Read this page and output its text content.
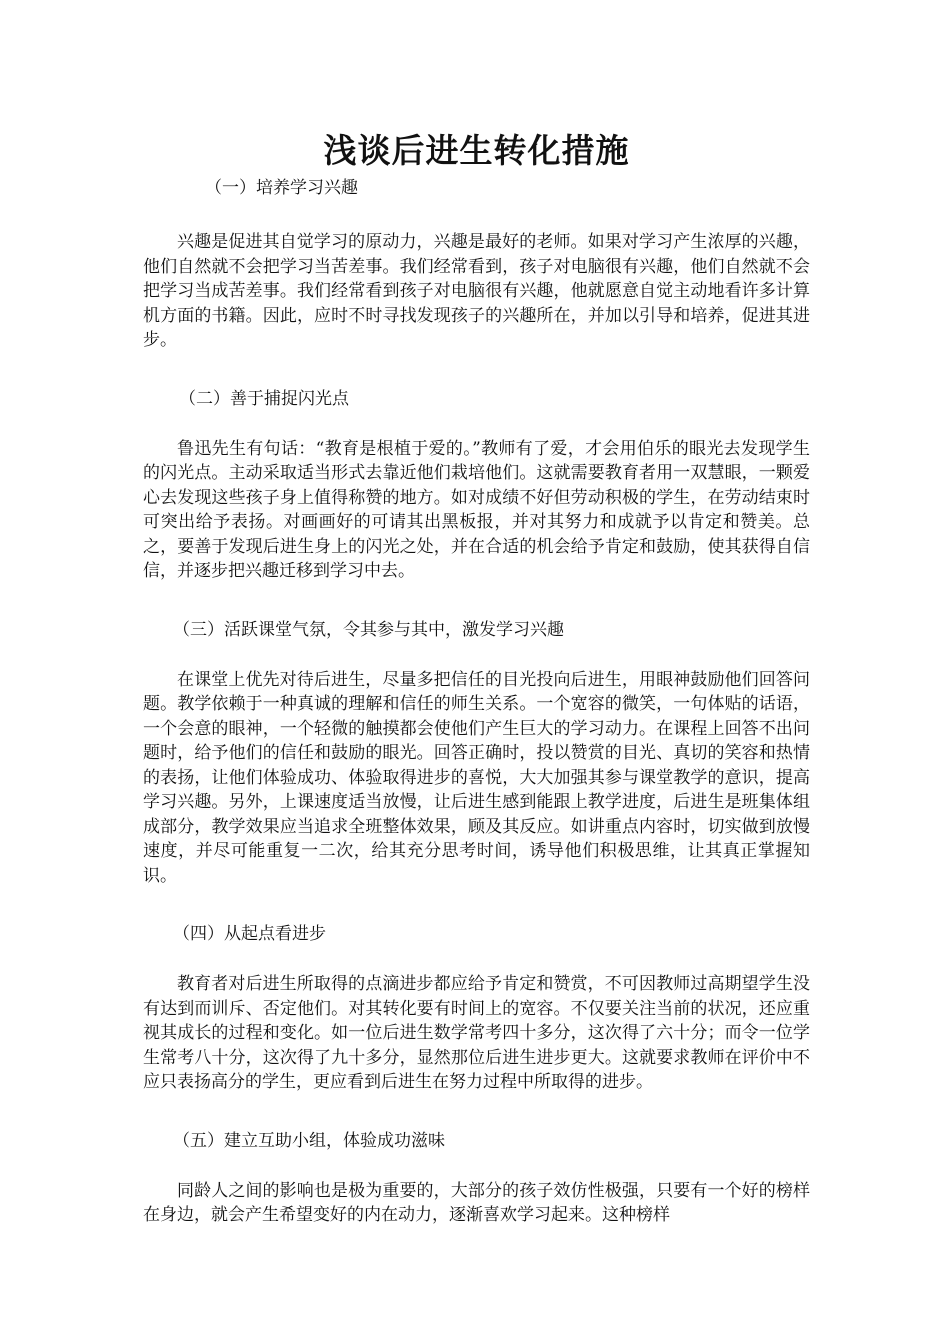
浅谈后进生转化措施

（一）培养学习兴趣

兴趣是促进其自觉学习的原动力，兴趣是最好的老师。如果对学习产生浓厚的兴趣，他们自然就不会把学习当苦差事。我们经常看到，孩子对电脑很有兴趣，他们自然就不会把学习当成苦差事。我们经常看到孩子对电脑很有兴趣，他就愿意自觉主动地看许多计算机方面的书籍。因此，应时不时寻找发现孩子的兴趣所在，并加以引导和培养，促进其进步。

（二）善于捕捉闪光点

鲁迅先生有句话：“教育是根植于爱的。”教师有了爱，才会用伯乐的眼光去发现学生的闪光点。主动采取适当形式去靠近他们栽培他们。这就需要教育者用一双慧眼，一颗爱心去发现这些孩子身上值得称赞的地方。如对成绩不好但劳动积极的学生，在劳动结束时可突出给予表扬。对画画好的可请其出黑板报，并对其努力和成就予以肯定和赞美。总之，要善于发现后进生身上的闪光之处，并在合适的机会给予肯定和鼓励，使其获得自信信，并逐步把兴趣迁移到学习中去。

（三）活跃课堂气氛，令其参与其中，激发学习兴趣

在课堂上优先对待后进生，尽量多把信任的目光投向后进生，用眼神鼓励他们回答问题。教学依赖于一种真诚的理解和信任的师生关系。一个宽容的微笑，一句体贴的话语，一个会意的眼神，一个轻微的触摸都会使他们产生巨大的学习动力。在课程上回答不出问题时，给予他们的信任和鼓励的眼光。回答正确时，投以赞赏的目光、真切的笑容和热情的表扬，让他们体验成功、体验取得进步的喜悦，大大加强其参与课堂教学的意识，提高学习兴趣。另外，上课速度适当放慢，让后进生感到能跟上教学进度，后进生是班集体组成部分，教学效果应当追求全班整体效果，顾及其反应。如讲重点内容时，切实做到放慢速度，并尽可能重复一二次，给其充分思考时间，诱导他们积极思维，让其真正掌握知识。

（四）从起点看进步

教育者对后进生所取得的点滴进步都应给予肯定和赞赏，不可因教师过高期望学生没有达到而训斥、否定他们。对其转化要有时间上的宽容。不仅要关注当前的状况，还应重视其成长的过程和变化。如一位后进生数学常考四十多分，这次得了六十分；而令一位学生常考八十分，这次得了九十多分，显然那位后进生进步更大。这就要求教师在评价中不应只表扬高分的学生，更应看到后进生在努力过程中所取得的进步。

（五）建立互助小组，体验成功滋味

同龄人之间的影响也是极为重要的，大部分的孩子效仿性极强，只要有一个好的榜样在身边，就会产生希望变好的内在动力，逐渐喜欢学习起来。这种榜样
